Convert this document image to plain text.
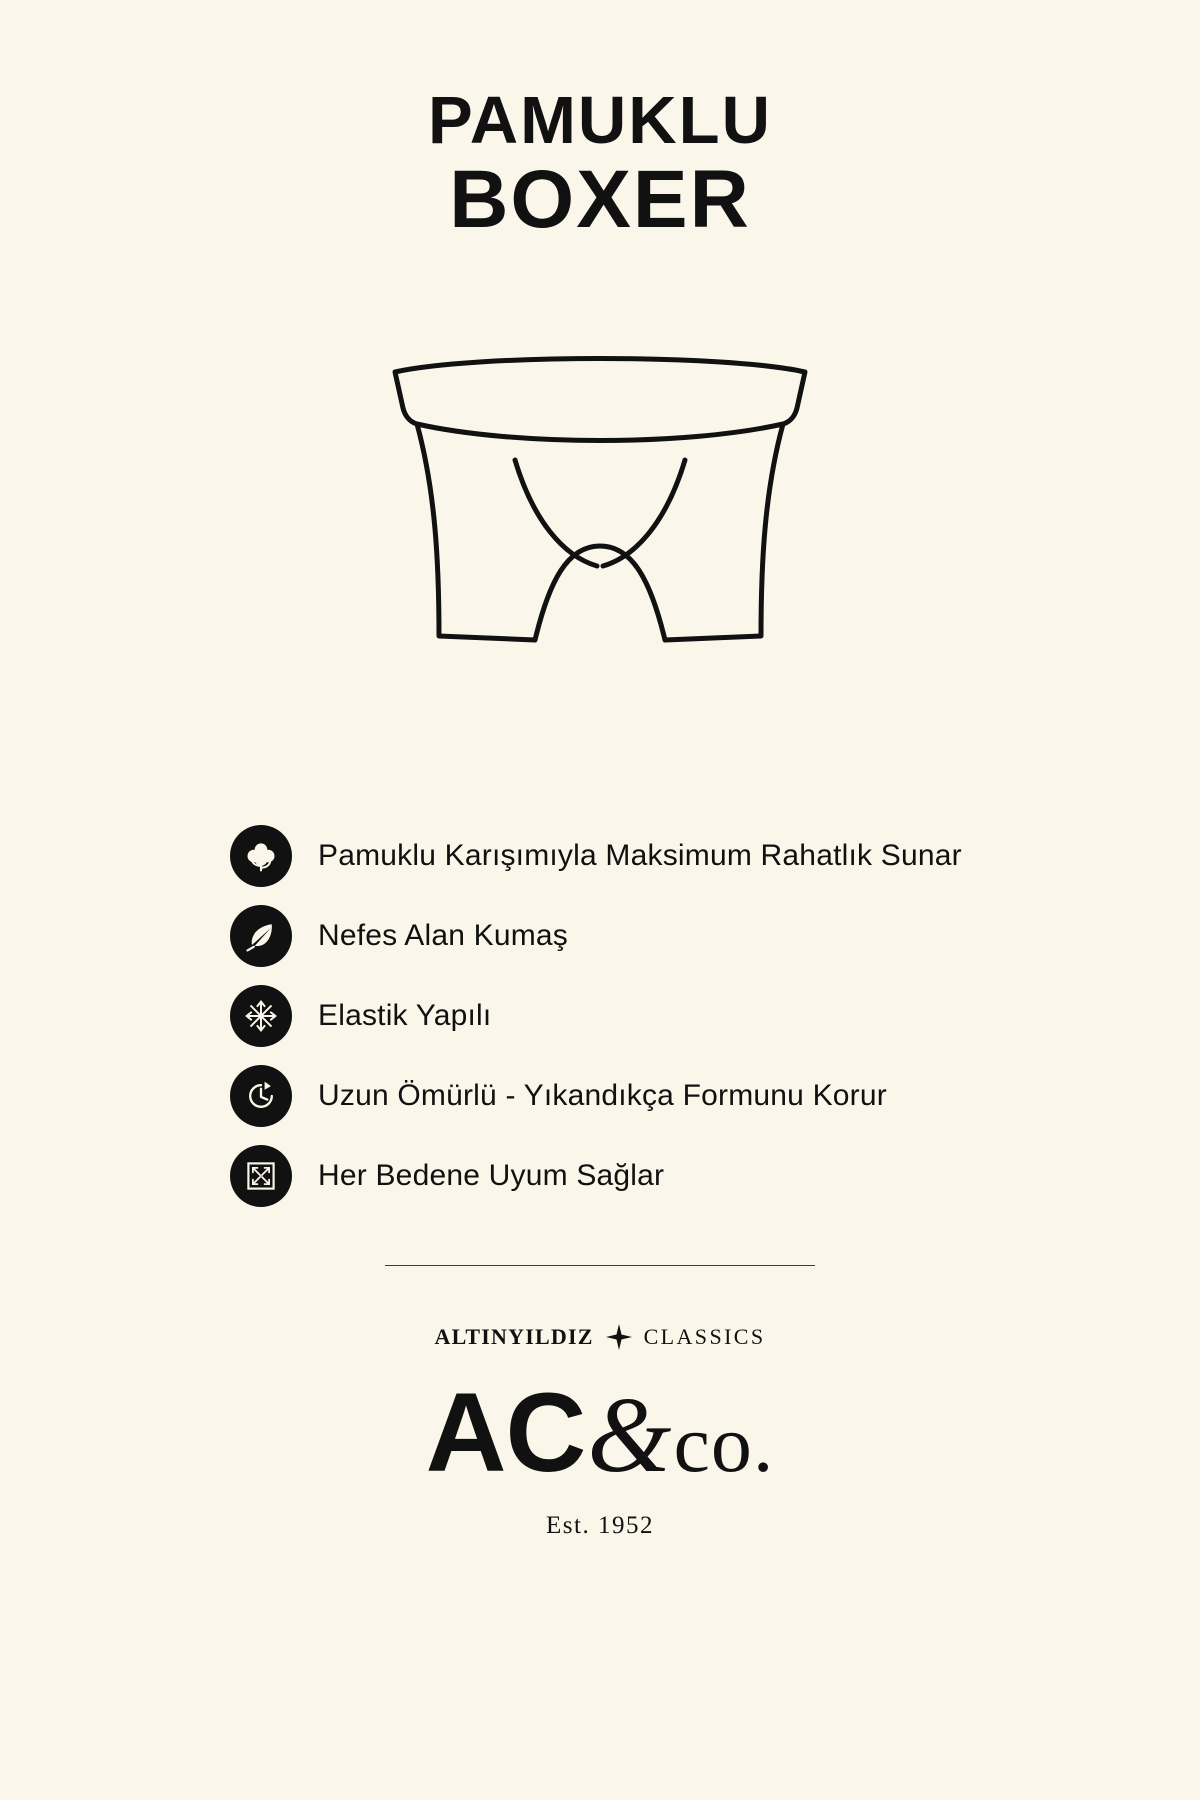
PAMUKLU
BOXER
Pamuklu Karışımıyla Maksimum Rahatlık Sunar
Nefes Alan Kumaş
Elastik Yapılı
Uzun Ömürlü - Yıkandıkça Formunu Korur
Her Bedene Uyum Sağlar
ALTINYILDIZ CLASSICS
AC & co.
Est. 1952
